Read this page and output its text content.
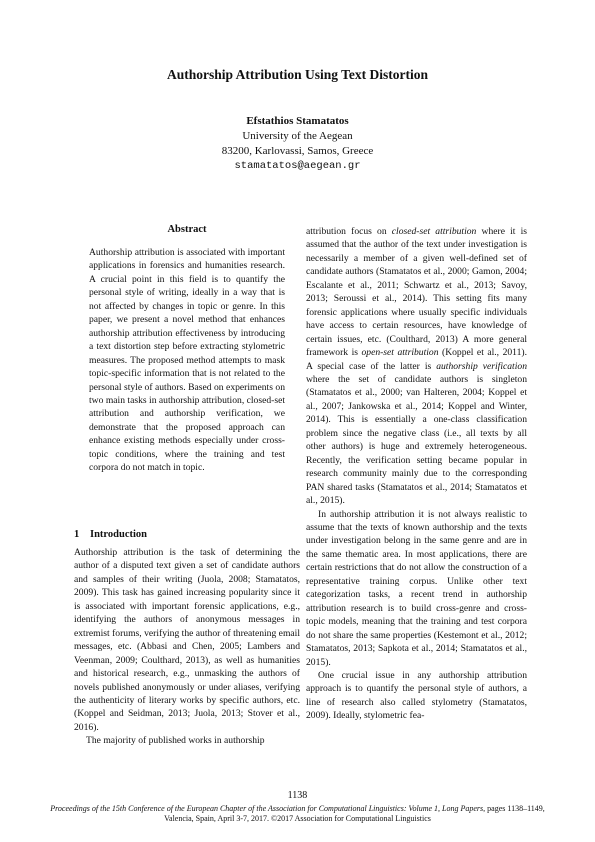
Authorship Attribution Using Text Distortion
Efstathios Stamatatos
University of the Aegean
83200, Karlovassi, Samos, Greece
stamatatos@aegean.gr
Abstract

Authorship attribution is associated with important applications in forensics and humanities research. A crucial point in this field is to quantify the personal style of writing, ideally in a way that is not affected by changes in topic or genre. In this paper, we present a novel method that enhances authorship attribution effectiveness by introducing a text distortion step before extracting stylometric measures. The proposed method attempts to mask topic-specific information that is not related to the personal style of authors. Based on experiments on two main tasks in authorship attribution, closed-set attribution and authorship verification, we demonstrate that the proposed approach can enhance existing methods especially under cross-topic conditions, where the training and test corpora do not match in topic.

1 Introduction

Authorship attribution is the task of determining the author of a disputed text given a set of candidate authors and samples of their writing (Juola, 2008; Stamatatos, 2009). This task has gained increasing popularity since it is associated with important forensic applications, e.g., identifying the authors of anonymous messages in extremist forums, verifying the author of threatening email messages, etc. (Abbasi and Chen, 2005; Lambers and Veenman, 2009; Coulthard, 2013), as well as humanities and historical research, e.g., unmasking the authors of novels published anonymously or under aliases, verifying the authenticity of literary works by specific authors, etc. (Koppel and Seidman, 2013; Juola, 2013; Stover et al., 2016).

The majority of published works in authorship

attribution focus on closed-set attribution where it is assumed that the author of the text under investigation is necessarily a member of a given well-defined set of candidate authors (Stamatatos et al., 2000; Gamon, 2004; Escalante et al., 2011; Schwartz et al., 2013; Savoy, 2013; Seroussi et al., 2014). This setting fits many forensic applications where usually specific individuals have access to certain resources, have knowledge of certain issues, etc. (Coulthard, 2013) A more general framework is open-set attribution (Koppel et al., 2011). A special case of the latter is authorship verification where the set of candidate authors is singleton (Stamatatos et al., 2000; van Halteren, 2004; Koppel et al., 2007; Jankowska et al., 2014; Koppel and Winter, 2014). This is essentially a one-class classification problem since the negative class (i.e., all texts by all other authors) is huge and extremely heterogeneous. Recently, the verification setting became popular in research community mainly due to the corresponding PAN shared tasks (Stamatatos et al., 2014; Stamatatos et al., 2015).

In authorship attribution it is not always realistic to assume that the texts of known authorship and the texts under investigation belong in the same genre and are in the same thematic area. In most applications, there are certain restrictions that do not allow the construction of a representative training corpus. Unlike other text categorization tasks, a recent trend in authorship attribution research is to build cross-genre and cross-topic models, meaning that the training and test corpora do not share the same properties (Kestemont et al., 2012; Stamatatos, 2013; Sapkota et al., 2014; Stamatatos et al., 2015).

One crucial issue in any authorship attribution approach is to quantify the personal style of authors, a line of research also called stylometry (Stamatatos, 2009). Ideally, stylometric fea-

1138
Proceedings of the 15th Conference of the European Chapter of the Association for Computational Linguistics: Volume 1, Long Papers, pages 1138–1149,
Valencia, Spain, April 3-7, 2017. ©2017 Association for Computational Linguistics
